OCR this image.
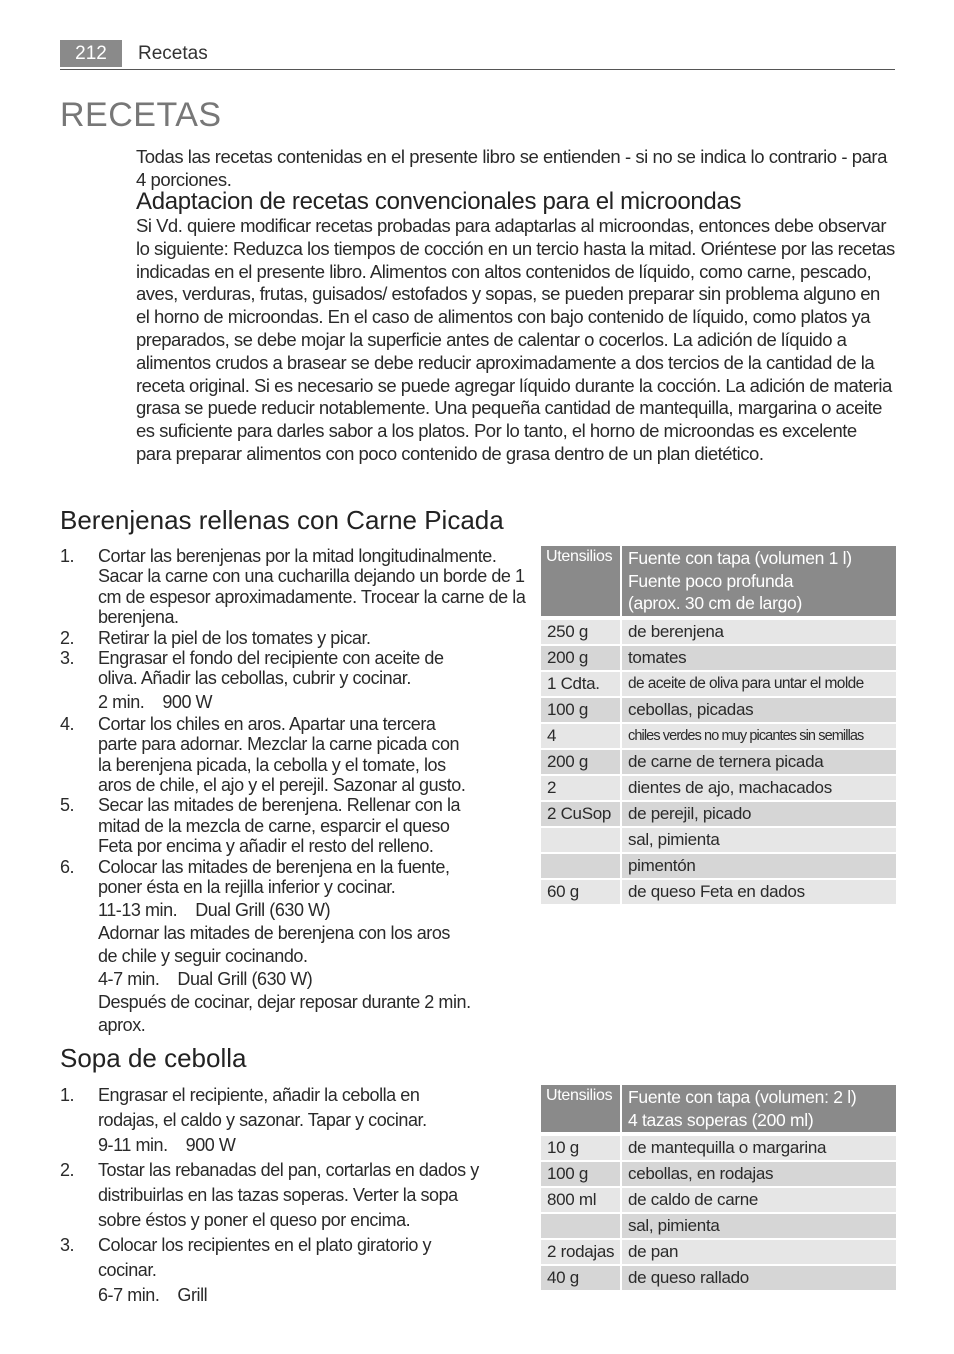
212	Recetas
RECETAS

Todas las recetas contenidas en el presente libro se entienden - si no se indica lo contrario - para 4 porciones.

Adaptacion de recetas convencionales para el microondas

Si Vd. quiere modificar recetas probadas para adaptarlas al microondas, entonces debe observar lo siguiente: Reduzca los tiempos de cocción en un tercio hasta la mitad. Oriéntese por las recetas indicadas en el presente libro. Alimentos con altos contenidos de líquido, como carne, pescado, aves, verduras, frutas, guisados/ estofados y sopas, se pueden preparar sin problema alguno en el horno de microondas. En el caso de alimentos con bajo contenido de líquido, como platos ya preparados, se debe mojar la superficie antes de calentar o cocerlos. La adición de líquido a alimentos crudos a brasear se debe reducir aproximadamente a dos tercios de la cantidad de la receta original. Si es necesario se puede agregar líquido durante la cocción. La adición de materia grasa se puede reducir notablemente. Una pequeña cantidad de mantequilla, margarina o aceite es suficiente para darles sabor a los platos. Por lo tanto, el horno de microondas es excelente para preparar alimentos con poco contenido de grasa dentro de un plan dietético.

Berenjenas rellenas con Carne Picada
1. Cortar las berenjenas por la mitad longitudinalmente. Sacar la carne con una cucharilla dejando un borde de 1 cm de espesor aproximadamente. Trocear la carne de la berenjena.
2. Retirar la piel de los tomates y picar.
3. Engrasar el fondo del recipiente con aceite de oliva. Añadir las cebollas, cubrir y cocinar.
2 min. 900 W
4. Cortar los chiles en aros. Apartar una tercera parte para adornar. Mezclar la carne picada con la berenjena picada, la cebolla y el tomate, los aros de chile, el ajo y el perejil. Sazonar al gusto.
5. Secar las mitades de berenjena. Rellenar con la mitad de la mezcla de carne, esparcir el queso Feta por encima y añadir el resto del relleno.
6. Colocar las mitades de berenjena en la fuente, poner ésta en la rejilla inferior y cocinar.
11-13 min. Dual Grill (630 W)
Adornar las mitades de berenjena con los aros de chile y seguir cocinando.
4-7 min. Dual Grill (630 W)
Después de cocinar, dejar reposar durante 2 min. aprox.
Utensilios Fuente con tapa (volumen 1 l)
Fuente poco profunda
(aprox. 30 cm de largo)
250 g	de berenjena
200 g	tomates
1 Cdta.	de aceite de oliva para untar el molde
100 g	cebollas, picadas
4	chiles verdes no muy picantes sin semillas
200 g	de carne de ternera picada
2	dientes de ajo, machacados
2 CuSop de perejil, picado
sal, pimienta
pimentón
60 g	de queso Feta en dados
Sopa de cebolla
1. Engrasar el recipiente, añadir la cebolla en rodajas, el caldo y sazonar. Tapar y cocinar.
9-11 min. 900 W
2. Tostar las rebanadas del pan, cortarlas en dados y distribuirlas en las tazas soperas. Verter la sopa sobre éstos y poner el queso por encima.
3. Colocar los recipientes en el plato giratorio y cocinar.
6-7 min. Grill
Utensilios Fuente con tapa (volumen: 2 l)
4 tazas soperas (200 ml)
10 g	de mantequilla o margarina
100 g	cebollas, en rodajas
800 ml	de caldo de carne
sal, pimienta
2 rodajas de pan
40 g	de queso rallado
